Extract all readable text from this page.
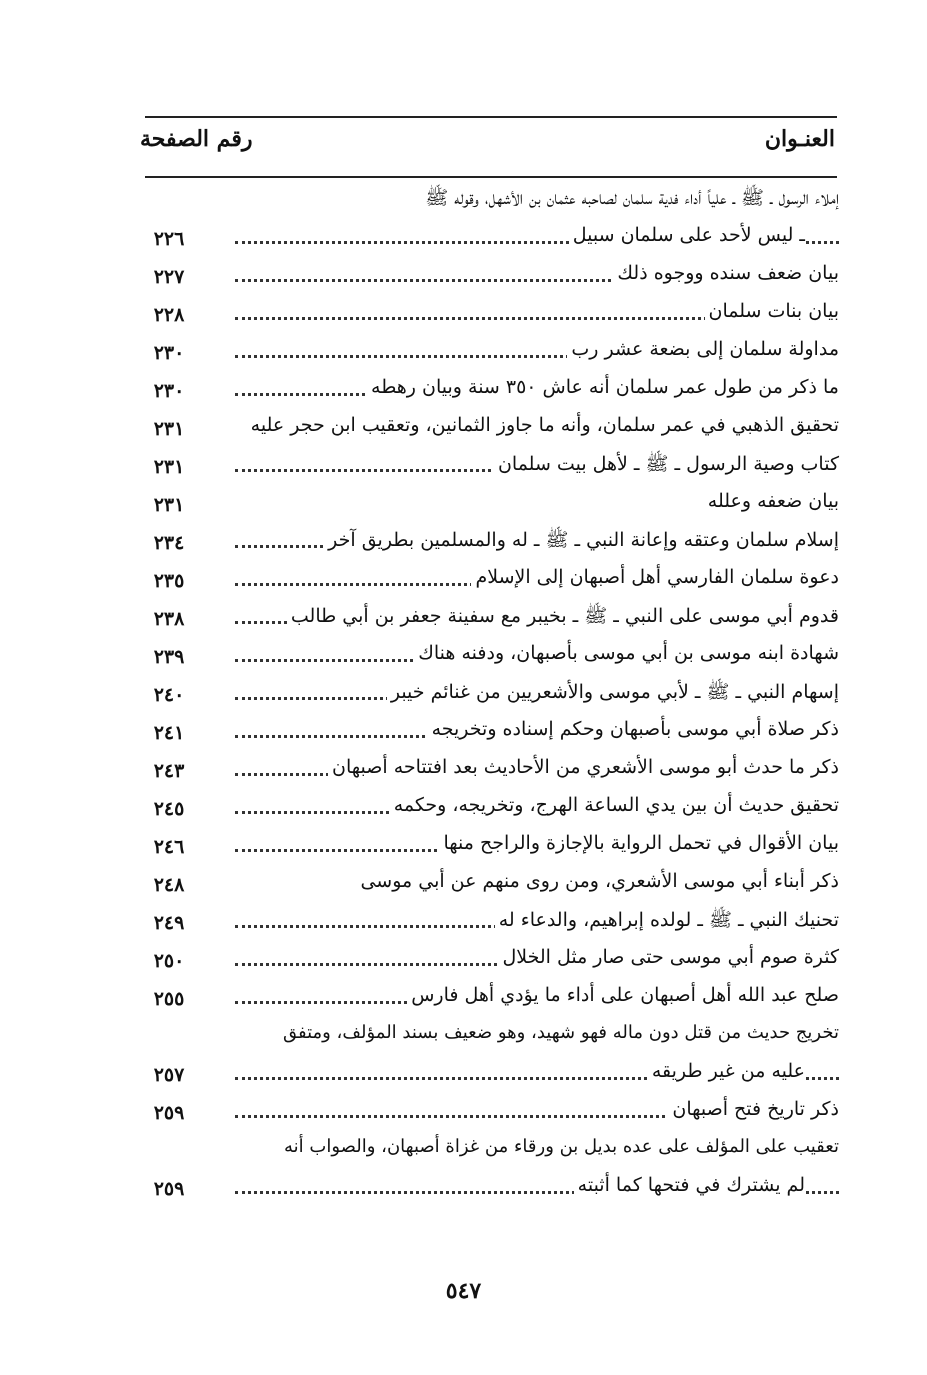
العنـوان
رقم الصفحة
إملاء الرسول ـ ﷺ ـ علياً أداء فدية سلمان لصاحبه عثمان بن الأشهل، وقوله ﷺ
ـ ليس لأحد على سلمان سبيل
٢٢٦
بيان ضعف سنده ووجوه ذلك
٢٢٧
بيان بنات سلمان
٢٢٨
مداولة سلمان إلى بضعة عشر رب
٢٣٠
ما ذكر من طول عمر سلمان أنه عاش ٣٥٠ سنة وبيان رهطه
٢٣٠
تحقيق الذهبي في عمر سلمان، وأنه ما جاوز الثمانين، وتعقيب ابن حجر عليه
٢٣١
كتاب وصية الرسول ـ ﷺ ـ لأهل بيت سلمان
٢٣١
بيان ضعفه وعلله
٢٣١
إسلام سلمان وعتقه وإعانة النبي ـ ﷺ ـ له والمسلمين بطريق آخر
٢٣٤
دعوة سلمان الفارسي أهل أصبهان إلى الإسلام
٢٣٥
قدوم أبي موسى على النبي ـ ﷺ ـ بخيبر مع سفينة جعفر بن أبي طالب
٢٣٨
شهادة ابنه موسى بن أبي موسى بأصبهان، ودفنه هناك
٢٣٩
إسهام النبي ـ ﷺ ـ لأبي موسى والأشعريين من غنائم خيبر
٢٤٠
ذكر صلاة أبي موسى بأصبهان وحكم إسناده وتخريجه
٢٤١
ذكر ما حدث أبو موسى الأشعري من الأحاديث بعد افتتاحه أصبهان
٢٤٣
تحقيق حديث أن بين يدي الساعة الهرج، وتخريجه، وحكمه
٢٤٥
بيان الأقوال في تحمل الرواية بالإجازة والراجح منها
٢٤٦
ذكر أبناء أبي موسى الأشعري، ومن روى منهم عن أبي موسى
٢٤٨
تحنيك النبي ـ ﷺ ـ لولده إبراهيم، والدعاء له
٢٤٩
كثرة صوم أبي موسى حتى صار مثل الخلال
٢٥٠
صلح عبد الله أهل أصبهان على أداء ما يؤدي أهل فارس
٢٥٥
تخريج حديث من قتل دون ماله فهو شهيد، وهو ضعيف بسند المؤلف، ومتفق
عليه من غير طريقه
٢٥٧
ذكر تاريخ فتح أصبهان
٢٥٩
تعقيب على المؤلف على عده بديل بن ورقاء من غزاة أصبهان، والصواب أنه
لم يشترك في فتحها كما أثبته
٢٥٩
٥٤٧
